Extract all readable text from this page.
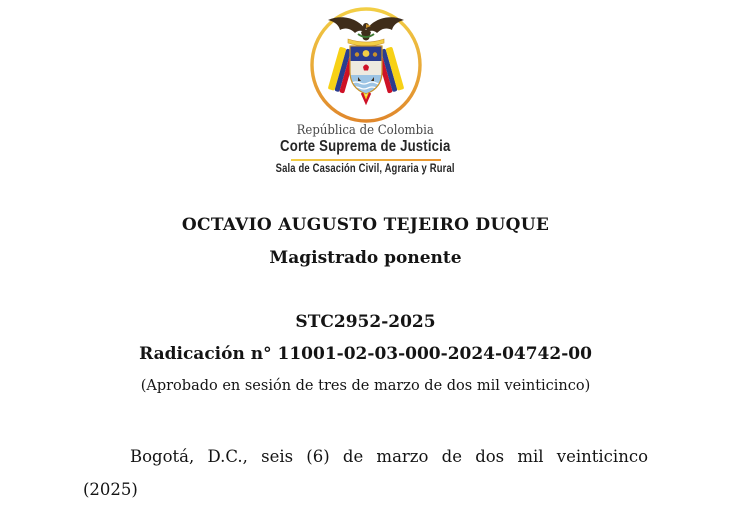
República de Colombia
Corte Suprema de Justicia
Sala de Casación Civil, Agraria y Rural
OCTAVIO AUGUSTO TEJEIRO DUQUE
Magistrado ponente
STC2952-2025
Radicación n° 11001-02-03-000-2024-04742-00
(Aprobado en sesión de tres de marzo de dos mil veinticinco)
Bogotá, D.C., seis (6) de marzo de dos mil veinticinco
(2025)
